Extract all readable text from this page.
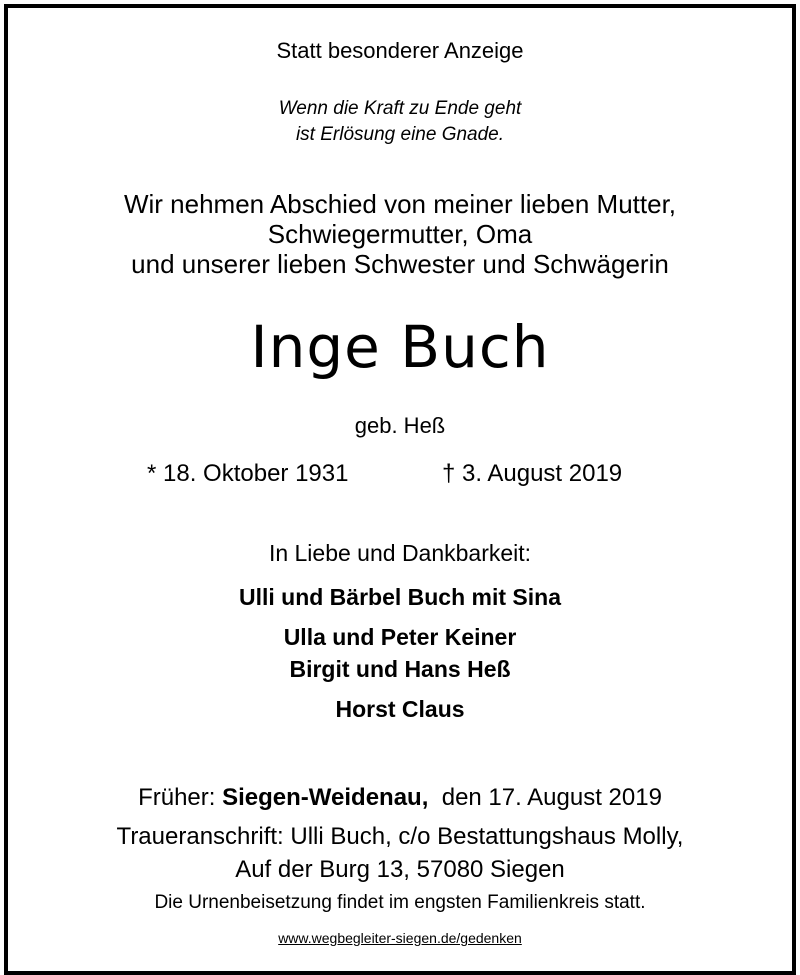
Statt besonderer Anzeige
Wenn die Kraft zu Ende geht
ist Erlösung eine Gnade.
Wir nehmen Abschied von meiner lieben Mutter,
Schwiegermutter, Oma
und unserer lieben Schwester und Schwägerin
Inge Buch
geb. Heß
* 18. Oktober 1931	† 3. August 2019
In Liebe und Dankbarkeit:
Ulli und Bärbel Buch mit Sina
Ulla und Peter Keiner
Birgit und Hans Heß
Horst Claus
Früher: Siegen-Weidenau, den 17. August 2019
Traueranschrift: Ulli Buch, c/o Bestattungshaus Molly,
Auf der Burg 13, 57080 Siegen
Die Urnenbeisetzung findet im engsten Familienkreis statt.
www.wegbegleiter-siegen.de/gedenken
